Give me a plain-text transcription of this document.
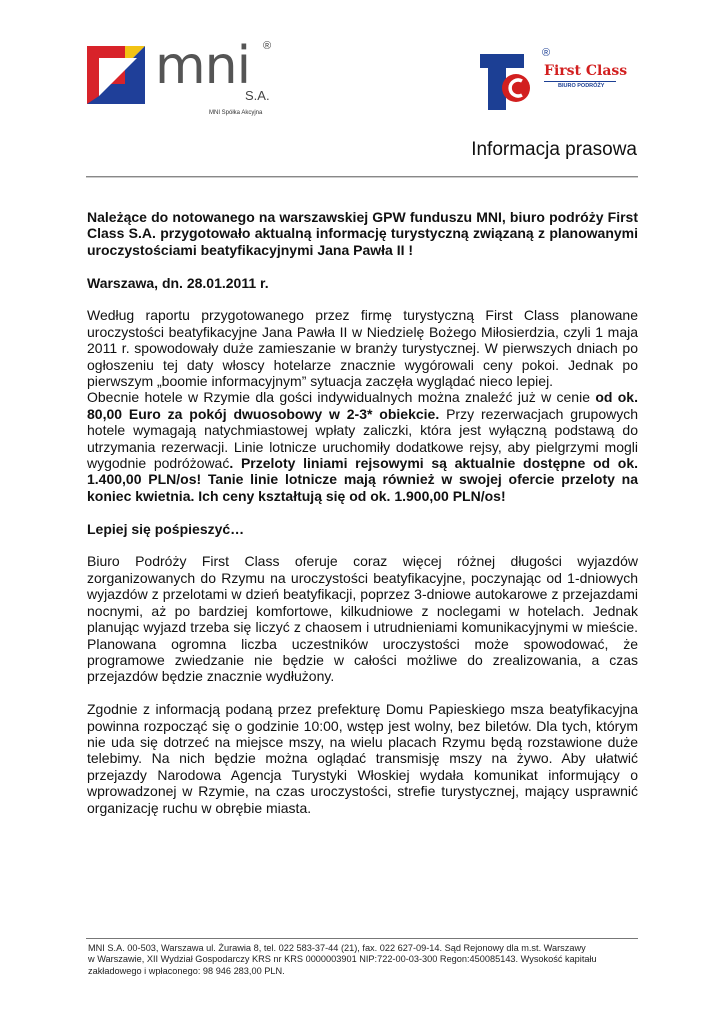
mni ®
S.A.
MNI Spółka Akcyjna
®
First Class
BIURO PODRÓŻY
Informacja prasowa

Należące do notowanego na warszawskiej GPW funduszu MNI, biuro podróży First Class S.A. przygotowało aktualną informację turystyczną związaną z planowanymi uroczystościami beatyfikacyjnymi Jana Pawła II !

Warszawa, dn. 28.01.2011 r.

Według raportu przygotowanego przez firmę turystyczną First Class planowane uroczystości beatyfikacyjne Jana Pawła II w Niedzielę Bożego Miłosierdzia, czyli 1 maja 2011 r. spowodowały duże zamieszanie w branży turystycznej. W pierwszych dniach po ogłoszeniu tej daty włoscy hotelarze znacznie wygórowali ceny pokoi. Jednak po pierwszym „boomie informacyjnym” sytuacja zaczęła wyglądać nieco lepiej.

Obecnie hotele w Rzymie dla gości indywidualnych można znaleźć już w cenie od ok. 80,00 Euro za pokój dwuosobowy w 2-3* obiekcie. Przy rezerwacjach grupowych hotele wymagają natychmiastowej wpłaty zaliczki, która jest wyłączną podstawą do utrzymania rezerwacji. Linie lotnicze uruchomiły dodatkowe rejsy, aby pielgrzymi mogli wygodnie podróżować. Przeloty liniami rejsowymi są aktualnie dostępne od ok. 1.400,00 PLN/os! Tanie linie lotnicze mają również w swojej ofercie przeloty na koniec kwietnia. Ich ceny kształtują się od ok. 1.900,00 PLN/os!

Lepiej się pośpieszyć…

Biuro Podróży First Class oferuje coraz więcej różnej długości wyjazdów zorganizowanych do Rzymu na uroczystości beatyfikacyjne, poczynając od 1-dniowych wyjazdów z przelotami w dzień beatyfikacji, poprzez 3-dniowe autokarowe z przejazdami nocnymi, aż po bardziej komfortowe, kilkudniowe z noclegami w hotelach. Jednak planując wyjazd trzeba się liczyć z chaosem i utrudnieniami komunikacyjnymi w mieście. Planowana ogromna liczba uczestników uroczystości może spowodować, że programowe zwiedzanie nie będzie w całości możliwe do zrealizowania, a czas przejazdów będzie znacznie wydłużony.

Zgodnie z informacją podaną przez prefekturę Domu Papieskiego msza beatyfikacyjna powinna rozpocząć się o godzinie 10:00, wstęp jest wolny, bez biletów. Dla tych, którym nie uda się dotrzeć na miejsce mszy, na wielu placach Rzymu będą rozstawione duże telebimy. Na nich będzie można oglądać transmisję mszy na żywo. Aby ułatwić przejazdy Narodowa Agencja Turystyki Włoskiej wydała komunikat informujący o wprowadzonej w Rzymie, na czas uroczystości, strefie turystycznej, mający usprawnić organizację ruchu w obrębie miasta.

MNI S.A. 00-503, Warszawa ul. Żurawia 8, tel. 022 583-37-44 (21), fax. 022 627-09-14. Sąd Rejonowy dla m.st. Warszawy
w Warszawie, XII Wydział Gospodarczy KRS nr KRS 0000003901 NIP:722-00-03-300 Regon:450085143. Wysokość kapitału
zakładowego i wpłaconego: 98 946 283,00 PLN.
